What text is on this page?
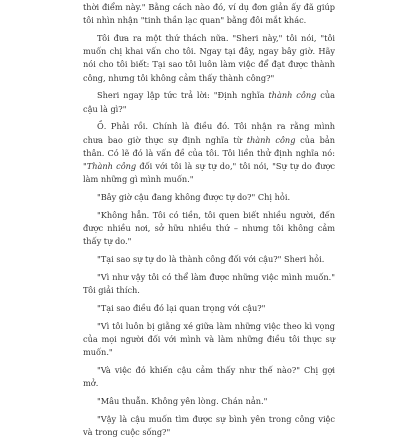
thời điểm này." Bằng cách nào đó, ví dụ đơn giản ấy đã giúp tôi nhìn nhận "tinh thần lạc quan" bằng đôi mắt khác.

Tôi đưa ra một thứ thách nữa. "Sheri này," tôi nói, "tôi muốn chị khai vấn cho tôi. Ngay tại đây, ngay bây giờ. Hãy nói cho tôi biết: Tại sao tôi luôn làm việc để đạt được thành công, nhưng tôi không cảm thấy thành công?"

Sheri ngay lập tức trả lời: "Định nghĩa thành công của cậu là gì?"

Ồ. Phải rồi. Chính là điều đó. Tôi nhận ra rằng mình chưa bao giờ thực sự định nghĩa từ thành công của bản thân. Có lẽ đó là vấn đề của tôi. Tôi liền thử định nghĩa nó: "Thành công đối với tôi là sự tự do," tôi nói, "Sự tự do được làm những gì mình muốn."

"Bây giờ cậu đang không được tự do?" Chị hỏi.

"Không hẳn. Tôi có tiền, tôi quen biết nhiều người, đến được nhiều nơi, sở hữu nhiều thứ – nhưng tôi không cảm thấy tự do."

"Tại sao sự tự do là thành công đối với cậu?" Sheri hỏi.

"Vì như vậy tôi có thể làm được những việc mình muốn." Tôi giải thích.

"Tại sao điều đó lại quan trọng với cậu?"

"Vì tôi luôn bị giằng xé giữa làm những việc theo kì vọng của mọi người đối với mình và làm những điều tôi thực sự muốn."

"Và việc đó khiến cậu cảm thấy như thế nào?" Chị gợi mở.

"Mâu thuẫn. Không yên lòng. Chán nản."

"Vậy là cậu muốn tìm được sự bình yên trong công việc và trong cuộc sống?"
